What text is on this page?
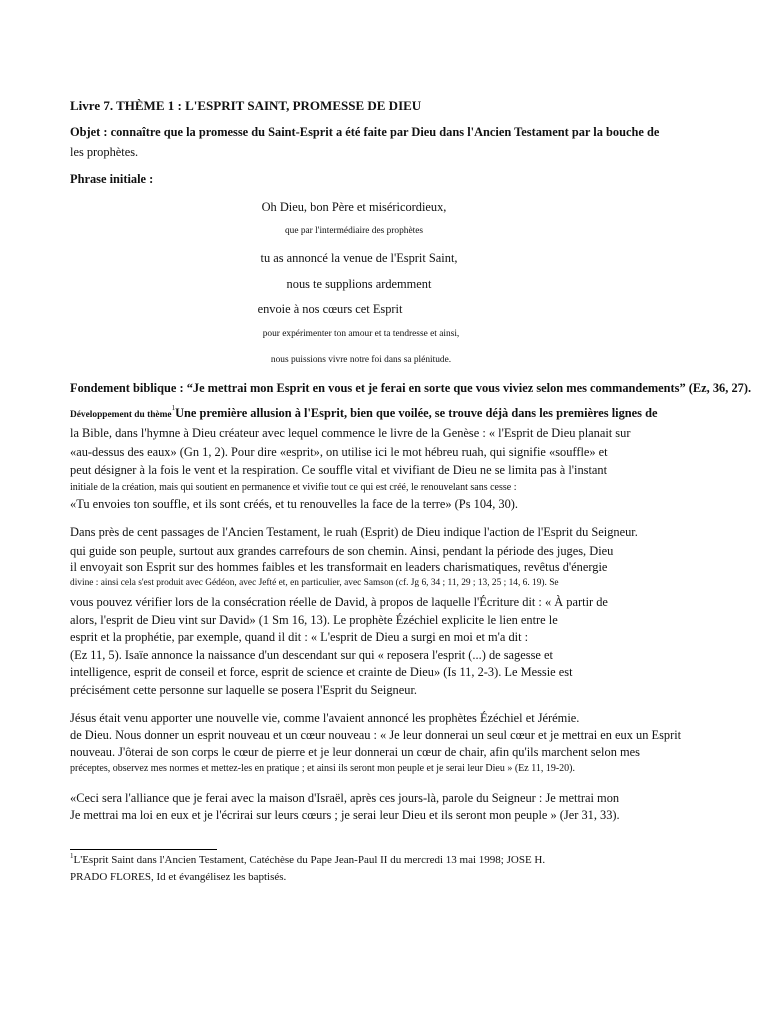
Livre 7. THÈME 1 : L'ESPRIT SAINT, PROMESSE DE DIEU
Objet : connaître que la promesse du Saint-Esprit a été faite par Dieu dans l'Ancien Testament par la bouche de
les prophètes.
Phrase initiale :
Oh Dieu, bon Père et miséricordieux,
que par l'intermédiaire des prophètes
tu as annoncé la venue de l'Esprit Saint,
nous te supplions ardemment
envoie à nos cœurs cet Esprit
pour expérimenter ton amour et ta tendresse et ainsi,
nous puissions vivre notre foi dans sa plénitude.
Fondement biblique : “Je mettrai mon Esprit en vous et je ferai en sorte que vous viviez selon mes commandements” (Ez, 36, 27).
Développement du thème$^1$Une première allusion à l'Esprit, bien que voilée, se trouve déjà dans les premières lignes de
la Bible, dans l'hymne à Dieu créateur avec lequel commence le livre de la Genèse : « l'Esprit de Dieu planait sur
«au-dessus des eaux» (Gn 1, 2). Pour dire «esprit», on utilise ici le mot hébreu ruah, qui signifie «souffle» et
peut désigner à la fois le vent et la respiration. Ce souffle vital et vivifiant de Dieu ne se limita pas à l'instant
initiale de la création, mais qui soutient en permanence et vivifie tout ce qui est créé, le renouvelant sans cesse :
«Tu envoies ton souffle, et ils sont créés, et tu renouvelles la face de la terre» (Ps 104, 30).
Dans près de cent passages de l'Ancien Testament, le ruah (Esprit) de Dieu indique l'action de l'Esprit du Seigneur.
qui guide son peuple, surtout aux grandes carrefours de son chemin. Ainsi, pendant la période des juges, Dieu
il envoyait son Esprit sur des hommes faibles et les transformait en leaders charismatiques, revêtus d'énergie
divine : ainsi cela s'est produit avec Gédéon, avec Jefté et, en particulier, avec Samson (cf. Jg 6, 34 ; 11, 29 ; 13, 25 ; 14, 6. 19). Se
vous pouvez vérifier lors de la consécration réelle de David, à propos de laquelle l'Écriture dit : « À partir de
alors, l'esprit de Dieu vint sur David» (1 Sm 16, 13). Le prophète Ézéchiel explicite le lien entre le
esprit et la prophétie, par exemple, quand il dit : « L'esprit de Dieu a surgi en moi et m'a dit :
(Ez 11, 5). Isaïe annonce la naissance d'un descendant sur qui « reposera l'esprit (...) de sagesse et
intelligence, esprit de conseil et force, esprit de science et crainte de Dieu» (Is 11, 2-3). Le Messie est
précisément cette personne sur laquelle se posera l'Esprit du Seigneur.
Jésus était venu apporter une nouvelle vie, comme l'avaient annoncé les prophètes Ézéchiel et Jérémie.
de Dieu. Nous donner un esprit nouveau et un cœur nouveau : « Je leur donnerai un seul cœur et je mettrai en eux un Esprit
nouveau. J'ôterai de son corps le cœur de pierre et je leur donnerai un cœur de chair, afin qu'ils marchent selon mes
préceptes, observez mes normes et mettez-les en pratique ; et ainsi ils seront mon peuple et je serai leur Dieu » (Ez 11, 19-20).
«Ceci sera l'alliance que je ferai avec la maison d'Israël, après ces jours-là, parole du Seigneur : Je mettrai mon
Je mettrai ma loi en eux et je l'écrirai sur leurs cœurs ; je serai leur Dieu et ils seront mon peuple » (Jer 31, 33).
$^1$L'Esprit Saint dans l'Ancien Testament, Catéchèse du Pape Jean-Paul II du mercredi 13 mai 1998; JOSE H.
PRADO FLORES, Id et évangélisez les baptisés.
